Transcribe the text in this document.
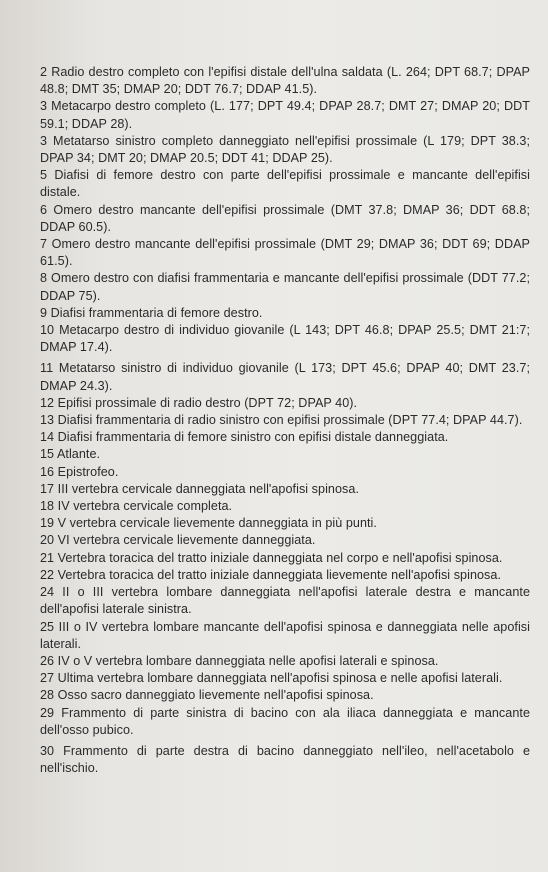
2 Radio destro completo con l'epifisi distale dell'ulna saldata (L. 264; DPT 68.7; DPAP 48.8; DMT 35; DMAP 20; DDT 76.7; DDAP 41.5).
3 Metacarpo destro completo (L. 177; DPT 49.4; DPAP 28.7; DMT 27; DMAP 20; DDT 59.1; DDAP 28).
3 Metatarso sinistro completo danneggiato nell'epifisi prossimale (L 179; DPT 38.3; DPAP 34; DMT 20; DMAP 20.5; DDT 41; DDAP 25).
5 Diafisi di femore destro con parte dell'epifisi prossimale e mancante dell'epifisi distale.
6 Omero destro mancante dell'epifisi prossimale (DMT 37.8; DMAP 36; DDT 68.8; DDAP 60.5).
7 Omero destro mancante dell'epifisi prossimale (DMT 29; DMAP 36; DDT 69; DDAP 61.5).
8 Omero destro con diafisi frammentaria e mancante dell'epifisi prossimale (DDT 77.2; DDAP 75).
9 Diafisi frammentaria di femore destro.
10 Metacarpo destro di individuo giovanile (L 143; DPT 46.8; DPAP 25.5; DMT 21:7; DMAP 17.4).
11 Metatarso sinistro di individuo giovanile (L 173; DPT 45.6; DPAP 40; DMT 23.7; DMAP 24.3).
12 Epifisi prossimale di radio destro (DPT 72; DPAP 40).
13 Diafisi frammentaria di radio sinistro con epifisi prossimale (DPT 77.4; DPAP 44.7).
14 Diafisi frammentaria di femore sinistro con epifisi distale danneggiata.
15 Atlante.
16 Epistrofeo.
17 III vertebra cervicale danneggiata nell'apofisi spinosa.
18 IV vertebra cervicale completa.
19 V vertebra cervicale lievemente danneggiata in più punti.
20 VI vertebra cervicale lievemente danneggiata.
21 Vertebra toracica del tratto iniziale danneggiata nel corpo e nell'apofisi spinosa.
22 Vertebra toracica del tratto iniziale danneggiata lievemente nell'apofisi spinosa.
24 II o III vertebra lombare danneggiata nell'apofisi laterale destra e mancante dell'apofisi laterale sinistra.
25 III o IV vertebra lombare mancante dell'apofisi spinosa e danneggiata nelle apofisi laterali.
26 IV o V vertebra lombare danneggiata nelle apofisi laterali e spinosa.
27 Ultima vertebra lombare danneggiata nell'apofisi spinosa e nelle apofisi laterali.
28 Osso sacro danneggiato lievemente nell'apofisi spinosa.
29 Frammento di parte sinistra di bacino con ala iliaca danneggiata e mancante dell'osso pubico.
30 Frammento di parte destra di bacino danneggiato nell'ileo, nell'acetabolo e nell'ischio.
